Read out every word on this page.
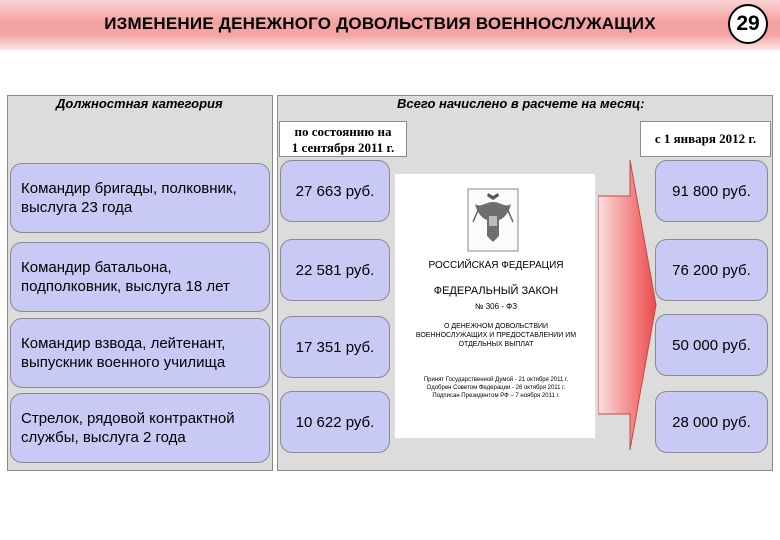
ИЗМЕНЕНИЕ ДЕНЕЖНОГО ДОВОЛЬСТВИЯ ВОЕННОСЛУЖАЩИХ	29
Должностная категория	Всего начислено в расчете на месяц:
по состоянию на
1 сентября 2011 г.
с 1 января 2012 г.
Командир бригады, полковник, выслуга 23 года
Командир батальона, подполковник, выслуга 18 лет
Командир взвода, лейтенант, выпускник военного училища
Стрелок, рядовой контрактной службы, выслуга 2 года
27 663 руб.
22 581 руб.
17 351 руб.
10 622 руб.
91 800 руб.
76 200 руб.
50 000 руб.
28 000 руб.
РОССИЙСКАЯ ФЕДЕРАЦИЯ
ФЕДЕРАЛЬНЫЙ ЗАКОН
№ 306 - ФЗ
О ДЕНЕЖНОМ ДОВОЛЬСТВИИ
ВОЕННОСЛУЖАЩИХ И ПРЕДОСТАВЛЕНИИ ИМ
ОТДЕЛЬНЫХ ВЫПЛАТ
Принят Государственной Думой - 21 октября 2011 г.
Одобрен Советом Федерации - 26 октября 2011 г.
Подписан Президентом РФ – 7 ноября 2011 г.
